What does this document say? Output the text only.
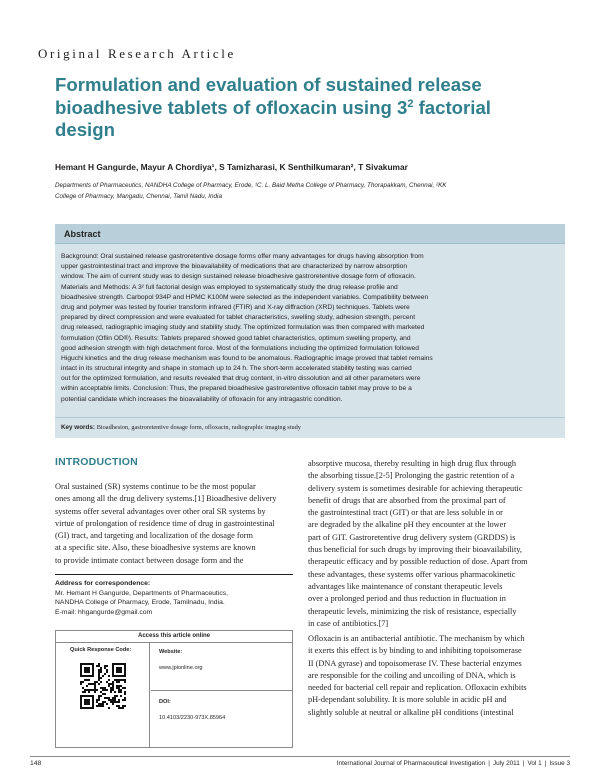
Original Research Article
Formulation and evaluation of sustained release
bioadhesive tablets of ofloxacin using $3^2$ factorial
design
Hemant H Gangurde, Mayur A Chordiya¹, S Tamizharasi, K Senthilkumaran², T Sivakumar
Departments of Pharmaceutics, NANDHA College of Pharmacy, Erode, ¹C. L. Baid Metha College of Pharmacy, Thorapakkam, Chennai, ²KK
College of Pharmacy, Mangadu, Chennai, Tamil Nadu, India
Abstract
Background: Oral sustained release gastroretentive dosage forms offer many advantages for drugs having absorption from
upper gastrointestinal tract and improve the bioavailability of medications that are characterized by narrow absorption
window. The aim of current study was to design sustained release bioadhesive gastroretentive dosage form of ofloxacin.
Materials and Methods: A 3² full factorial design was employed to systematically study the drug release profile and
bioadhesive strength. Carbopol 934P and HPMC K100M were selected as the independent variables. Compatibility between
drug and polymer was tested by fourier transform infrared (FTIR) and X-ray diffraction (XRD) techniques. Tablets were
prepared by direct compression and were evaluated for tablet characteristics, swelling study, adhesion strength, percent
drug released, radiographic imaging study and stability study. The optimized formulation was then compared with marketed
formulation (Oflin OD®). Results: Tablets prepared showed good tablet characteristics, optimum swelling property, and
good adhesion strength with high detachment force. Most of the formulations including the optimized formulation followed
Higuchi kinetics and the drug release mechanism was found to be anomalous. Radiographic image proved that tablet remains
intact in its structural integrity and shape in stomach up to 24 h. The short-term accelerated stability testing was carried
out for the optimized formulation, and results revealed that drug content, in-vitro dissolution and all other parameters were
within acceptable limits. Conclusion: Thus, the prepared bioadhesive gastroretentive ofloxacin tablet may prove to be a
potential candidate which increases the bioavailability of ofloxacin for any intragastric condition.
Key words: Bioadhesion, gastroretentive dosage form, ofloxacin, radiographic imaging study
INTRODUCTION
Oral sustained (SR) systems continue to be the most popular
ones among all the drug delivery systems.[1] Bioadhesive delivery
systems offer several advantages over other oral SR systems by
virtue of prolongation of residence time of drug in gastrointestinal
(GI) tract, and targeting and localization of the dosage form
at a specific site. Also, these bioadhesive systems are known
to provide intimate contact between dosage form and the
absorptive mucosa, thereby resulting in high drug flux through
the absorbing tissue.[2-5] Prolonging the gastric retention of a
delivery system is sometimes desirable for achieving therapeutic
benefit of drugs that are absorbed from the proximal part of
the gastrointestinal tract (GIT) or that are less soluble in or
are degraded by the alkaline pH they encounter at the lower
part of GIT. Gastroretentive drug delivery system (GRDDS) is
thus beneficial for such drugs by improving their bioavailability,
therapeutic efficacy and by possible reduction of dose. Apart from
these advantages, these systems offer various pharmacokinetic
advantages like maintenance of constant therapeutic levels
over a prolonged period and thus reduction in fluctuation in
therapeutic levels, minimizing the risk of resistance, especially
in case of antibiotics.[7]
Ofloxacin is an antibacterial antibiotic. The mechanism by which
it exerts this effect is by binding to and inhibiting topoisomerase
II (DNA gyrase) and topoisomerase IV. These bacterial enzymes
are responsible for the coiling and uncoiling of DNA, which is
needed for bacterial cell repair and replication. Ofloxacin exhibits
pH-dependant solubility. It is more soluble in acidic pH and
slightly soluble at neutral or alkaline pH conditions (intestinal
Address for correspondence:
Mr. Hemant H Gangurde, Departments of Pharmaceutics,
NANDHA College of Pharmacy, Erode, Tamilnadu, India.
E-mail: hhgangurde@gmail.com
Access this article online
Quick Response Code:	Website:
www.jpionline.org
DOI:
10.4103/2230-973X.85964
148	International Journal of Pharmaceutical Investigation | July 2011 | Vol 1 | Issue 3
